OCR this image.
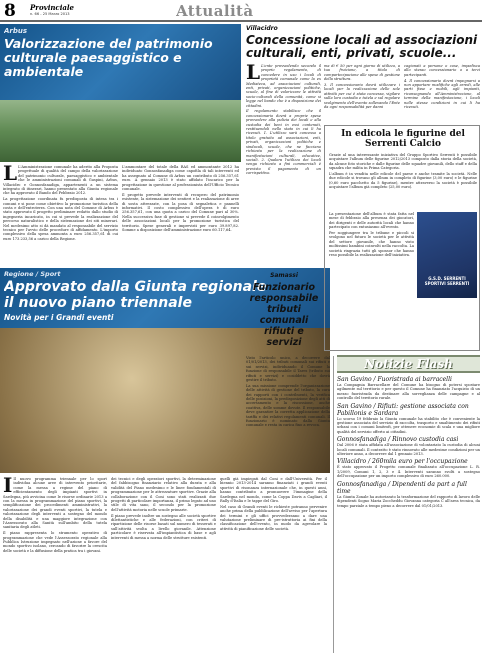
8 Provinciale
n. 66 - 25 Marzo 2013	Attualità
Arbus
Valorizzazione del patrimonio culturale paesaggistico e ambientale
L L'Amministrazione comunale ha aderito alla Proposta progettuale di qualità del campo della valorizzazione del patrimonio culturale, paesaggistico e ambientale che le amministrazioni comunali di Guspini, Arbus, Villacidro e Gonnosfanadiga, appartenenti a un sistema integrato di itinerari, hanno presentato alla Giunta regionale che ha approvato il Bando del Febbraio 2012.

La progettazione coordinata fu predisposta di intesa tra i comuni e si pone come obiettivo la promozione turistica della costa e dell'entroterra. Con una nota del Comune di Arbus è stato approvato il progetto preliminare redatto dallo studio di ingegneria incaricato, in cui si prevede la realizzazione del percorso naturalistico e della sistemazione dei siti minerari. Nel medesimo atto si dà mandato al responsabile del servizio tecnico per l'avvio delle procedure di affidamento. L'importo complessivo della spesa ammonta a euro 256.357,61 di cui euro 173.233,56 a carico della Regione.

L'ammontare del totale della RAS ed ammontante 2012 ha individuato Gonnosfanadiga come capofila di tali interventi ed ha assegnato al Comune di Arbus un contributo di 256.357,61 euro. A gennaio 2013 è stato affidato l'incarico per la progettazione in questione al professionista dell'Ufficio Tecnico comunale.

Il progetto prevede interventi di recupero del patrimonio esistente, la sistemazione dei sentieri e la realizzazione di aree di sosta attrezzate, con la posa di segnaletica e pannelli informativi. Il costo complessivo dell'opera è di euro 256.357,61, con una quota a carico del Comune pari al 30%. Nella successiva fase di gestione si prevede il coinvolgimento delle associazioni locali per la promozione turistica del territorio. Spese generali e imprevisti per euro 39.897,82. Somme a disposizione dell'amministrazione euro 60.117,64.

Regione / Sport
Approvato dalla Giunta regionale
il nuovo piano triennale
Novità per i Grandi eventi
I Il nuovo programma triennale per lo sport individua alcune aree di intervento prioritarie, come la messa a regime del piano di efficientamento degli impianti sportivi in Sardegna, più avvicina come le risorse ordinarie 2013 a con la messa in programmazione del piano sportivi, la semplificazione dei procedimenti amministrativi, la valorizzazione dei grandi eventi sportivi, la tutela e valorizzazione degli interventi a sostegno del mondo della disabilità e una maggiore integrazione con l'Assessorato alla Sanità sull'ambito della tutela sanitaria degli atleti.

Il piano rappresenta lo strumento operativo di programmazione che vede l'Assessorato regionale alla Pubblica Istruzione impegnato nell'azione a favore del mondo sportivo isolano, cercando di favorire la crescita delle società e la diffusione della pratica tra i giovani.

dei tecnici e degli operatori sportivi, la determinazione del fabbisogno finanziario relativo alla durata e alla validità del Piano medesimo e le linee fondamentali di programmazione per le attrezzature sportive. Grazie alla collaborazione con il Coni sono stati realizzati due progetti di particolare importanza, il primo legato ad uno stile di vita sano, il secondo per la promozione dell'attività motoria nelle scuole primarie.

Il piano prevede inoltre un sostegno alle società sportive dilettantistiche e alle federazioni, con criteri di ripartizione delle risorse basati sul numero di tesserati e sull'attività svolta a livello giovanile. Attenzione particolare è riservata all'impiantistica di base e agli interventi di messa a norma delle strutture esistenti.

quelli già impiegati dal Coni e dall'Università. Per il biennio 2013-2014 saranno finanziati i grandi eventi sportivi di risonanza internazionale che, in questi anni, hanno contribuito a promuovere l'immagine della Sardegna nel mondo, come la Coppa Davis a Cagliari, il Rally d'Italia e le tappe del Giro.

Nel caso di Grandi eventi le richieste potranno pervenire anche prima della pubblicazione dell'avviso per l'apertura dei termini e gli uffici provvederanno a dare una valutazione preliminare di pre-istruttoria ai fini della classificazione dell'evento, in modo da agevolare la attività di pianificazione delle società.

Villacidro
Concessione locali ad associazioni culturali, enti, privati, scuole...
L L'ente provvedendo secondo il proprio regolamento, di concedere in uso i locali di proprietà comunale come la ex Mediateca, ad associazioni culturali, enti, privati, organizzazioni politiche, scuole, al fine di valorizzare le attività socio-culturali della comunità, come si legge nel bando che è a disposizione dei cittadini.

Il regolamento stabilisce che il concessionario dovrà a proprie spese provvedere alla pulizia dei locali e alla custodia dei beni in essi contenuti, restituendoli nello stato in cui li ha ricevuti. 1. L'utilizzo sarà concesso a titolo gratuito ad associazioni, enti, privati, organizzazioni politiche e sindacali, scuole, che ne facciano richiesta per la realizzazione di manifestazioni culturali, educative, sociali. 2. Qualora l'utilizzo dei locali venga richiesto a fini commerciali è previsto il pagamento di un corrispettivo.

ma di € 50 per ogni giorno di utilizzo, a tua fruizione, a titolo di compartecipazione alle spese di gestione della struttura.

3. Il concessionario dovrà utilizzare i locali per la realizzazione delle sole attività per cui è stata concessa, vigilare sulla loro custodia e tutela e sul regolare svolgimento dell'evento sollevando l'Ente da ogni responsabilità per danni

cagionati a persone o cose, impedisca allo stesso concessionario o a terzi partecipanti.

4. Il concessionario dovrà impegnarsi a non apportare modifiche agli arredi, alle parti fisse e mobili, agli impianti, riconsegnando all'Amministrazione, al termine della manifestazione, i locali nelle stesse condizioni in cui li ha ricevuti.

In edicola le figurine del Serrenti Calcio

Grazie al una interessante iniziativa del Gruppo Sportivo Serrenti è possibile acquistare l'album delle figurine 2012/2013 composto dalla storia della società, da alcune foto storiche e dalle figurine delle squadre giovanili, dello staff e della squadra che milita in Prima Categoria.

L'album è in vendita nelle edicole del paese e anche tramite la società. Nelle due edicole si trovano gli album in completo di figurine (3,00 euro) e le figurine (0,60 euro pacchetto da 5 figurine), mentre attraverso la società è possibile acquistare l'album già completo (25,00 euro).

La presentazione dell'album è stata fatta nel mese di febbraio alla presenza dei giocatori, dei dirigenti e delle autorità locali che hanno partecipato con entusiasmo all'evento.

Per soggiungere tra le tribune e piccoli si svolgono nel futuro le società per le attività del settore giovanile, che hanno visto moltissimi bambini coinvolti nella raccolta. La società ringrazia tutti gli sponsor che hanno reso possibile la realizzazione dell'iniziativa.

G.S.D. SERRENTI SPORTIVI SERRENTI
Samassi
Funzionario responsabile tributi comunali rifiuti e servizi

Visto l'articolo unico, a decorrere dal 01/01/2013, dei tributi comunali sui rifiuti e sui servizi, individuando il Comune la funzione di responsabile il Tares (tributo sui rifiuti e servizi) e cosiddetto che dovrà gestire il tributo.

La sua missione comprende l'organizzazione delle attività di gestione del tributo, la cura dei rapporti con i contribuenti, la verifica delle posizioni, la predisposizione degli atti di accertamento e la riscossione, anche coattiva, delle somme dovute. Il responsabile deve garantire la corretta applicazione della tariffa e dei relativi regolamenti comunali. Il funzionario è nominato dalla Giunta comunale e resta in carica fino a revoca.

Notizie Flash
San Gavino / Fuoristrada ai barracelli
La Compagnia Barracellare del Comune ha bisogno di potersi spostare agilmente sul territorio e per questo il Comune ha finanziato l'acquisto di un mezzo fuoristrada da destinare alla sorveglianza delle campagne e al controllo del territorio rurale.
San Gavino / Rifiuti: gestione associata con Pabillonis e Sardara
Lo scorso 19 febbraio la Giunta comunale ha stabilito che è conveniente la gestione associata del servizio di raccolta, trasporto e smaltimento dei rifiuti urbani con i comuni limitrofi, per ottenere economie di scala e una migliore qualità del servizio offerto ai cittadini.
Gonnosfanadiga / Rinnovo custodia casi
Dal 2006 è stata affidata all'associazione di volontariato la custodia di alcuni locali comunali. Il contratto è stato rinnovato alle medesime condizioni per un ulteriore anno, a decorrere dal 1 gennaio 2013.
Villacidro / 260mila euro per l'occupazione
È stato approvato il Progetto comunale finalizzato all'occupazione L. R. 1/2009, Comuni 1, 2, 3 e 4. Interventi saranno svolti a sostegno dell'occupazione per un importo complessivo di euro 260.000.
Gonnosfanadiga / Dipendenti da part a full time
La Giunta Zonale ha autorizzato la trasformazione del rapporto di lavoro delle dipendenti Sogno Maria Zoccheddu Giovanna categoria C all'area tecnica, da tempo parziale a tempo pieno a decorrere dal 01/01/2013.
